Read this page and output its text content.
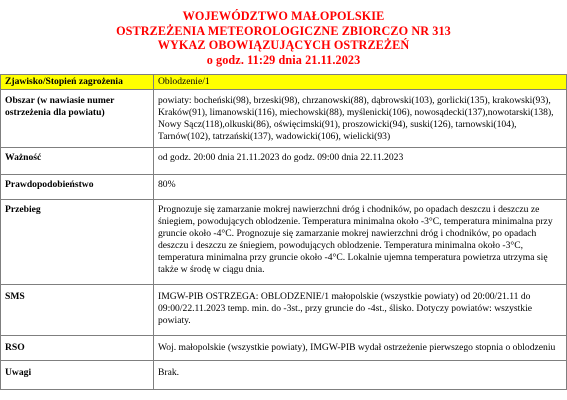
WOJEWÓDZTWO MAŁOPOLSKIE
OSTRZEŻENIA METEOROLOGICZNE ZBIORCZO NR 313
WYKAZ OBOWIĄZUJĄCYCH OSTRZEŻEŃ
o godz. 11:29 dnia 21.11.2023
Zjawisko/Stopień zagrożenia	Oblodzenie/1
Obszar (w nawiasie numer ostrzeżenia dla powiatu)	powiaty: bocheński(98), brzeski(98), chrzanowski(88), dąbrowski(103), gorlicki(135), krakowski(93), Kraków(91), limanowski(116), miechowski(88), myślenicki(106), nowosądecki(137),nowotarski(138), Nowy Sącz(118),olkuski(86), oświęcimski(91), proszowicki(94), suski(126), tarnowski(104), Tarnów(102), tatrzański(137), wadowicki(106), wielicki(93)
Ważność	od godz. 20:00 dnia 21.11.2023 do godz. 09:00 dnia 22.11.2023
Prawdopodobieństwo	80%
Przebieg	Prognozuje się zamarzanie mokrej nawierzchni dróg i chodników, po opadach deszczu i deszczu ze śniegiem, powodujących oblodzenie. Temperatura minimalna około -3°C, temperatura minimalna przy gruncie około -4°C. Prognozuje się zamarzanie mokrej nawierzchni dróg i chodników, po opadach deszczu i deszczu ze śniegiem, powodujących oblodzenie. Temperatura minimalna około -3°C, temperatura minimalna przy gruncie około -4°C. Lokalnie ujemna temperatura powietrza utrzyma się także w środę w ciągu dnia.
SMS	IMGW-PIB OSTRZEGA: OBLODZENIE/1 małopolskie (wszystkie powiaty) od 20:00/21.11 do 09:00/22.11.2023 temp. min. do -3st., przy gruncie do -4st., ślisko. Dotyczy powiatów: wszystkie powiaty.
RSO	Woj. małopolskie (wszystkie powiaty), IMGW-PIB wydał ostrzeżenie pierwszego stopnia o oblodzeniu
Uwagi	Brak.
